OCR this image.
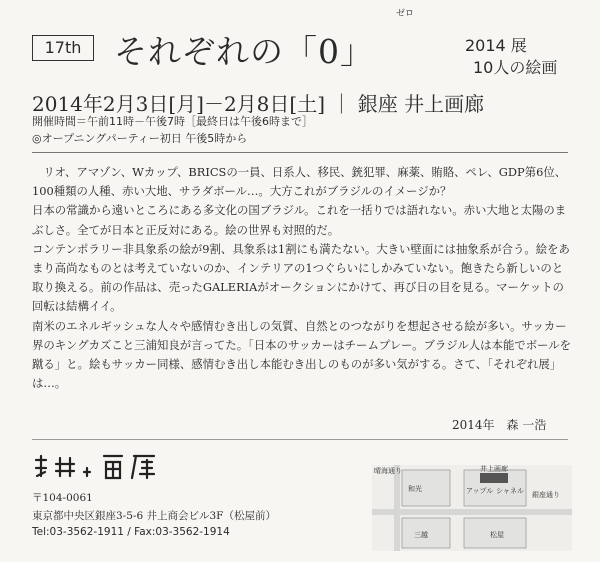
17th
ゼロ
それぞれの「0」	2014 展
10人の絵画
2014年2月3日[月]－2月8日[土] ｜ 銀座 井上画廊
開催時間＝午前11時－午後7時［最終日は午後6時まで］
◎オープニングパーティー初日 午後5時から

リオ、アマゾン、Wカップ、BRICSの一員、日系人、移民、銃犯罪、麻薬、賄賂、ペレ、GDP第6位、100種類の人種、赤い大地、サラダボール…。大方これがブラジルのイメージか？

日本の常識から遠いところにある多文化の国ブラジル。これを一括りでは語れない。赤い大地と太陽のまぶしさ。全てが日本と正反対にある。絵の世界も対照的だ。

コンテンポラリー非具象系の絵が9割、具象系は1割にも満たない。大きい壁面には抽象系が合う。絵をあまり高尚なものとは考えていないのか、インテリアの1つぐらいにしかみていない。飽きたら新しいのと取り換える。前の作品は、売ったGALERIAがオークションにかけて、再び日の目を見る。マーケットの回転は結構イイ。

南米のエネルギッシュな人々や感情むき出しの気質、自然とのつながりを想起させる絵が多い。サッカー界のキングカズこと三浦知良が言ってた。「日本のサッカーはチームプレー。ブラジル人は本能でボールを蹴る」と。絵もサッカー同様、感情むき出し本能むき出しのものが多い気がする。さて、「それぞれ展」は…。

2014年　森 一浩
〒104-0061
東京都中央区銀座3-5-6 井上商会ビル3F（松屋前）
Tel:03-3562-1911 / Fax:03-3562-1914
晴海通り
和光
三越
井上画廊
アップル シャネル 銀座通り
松屋
